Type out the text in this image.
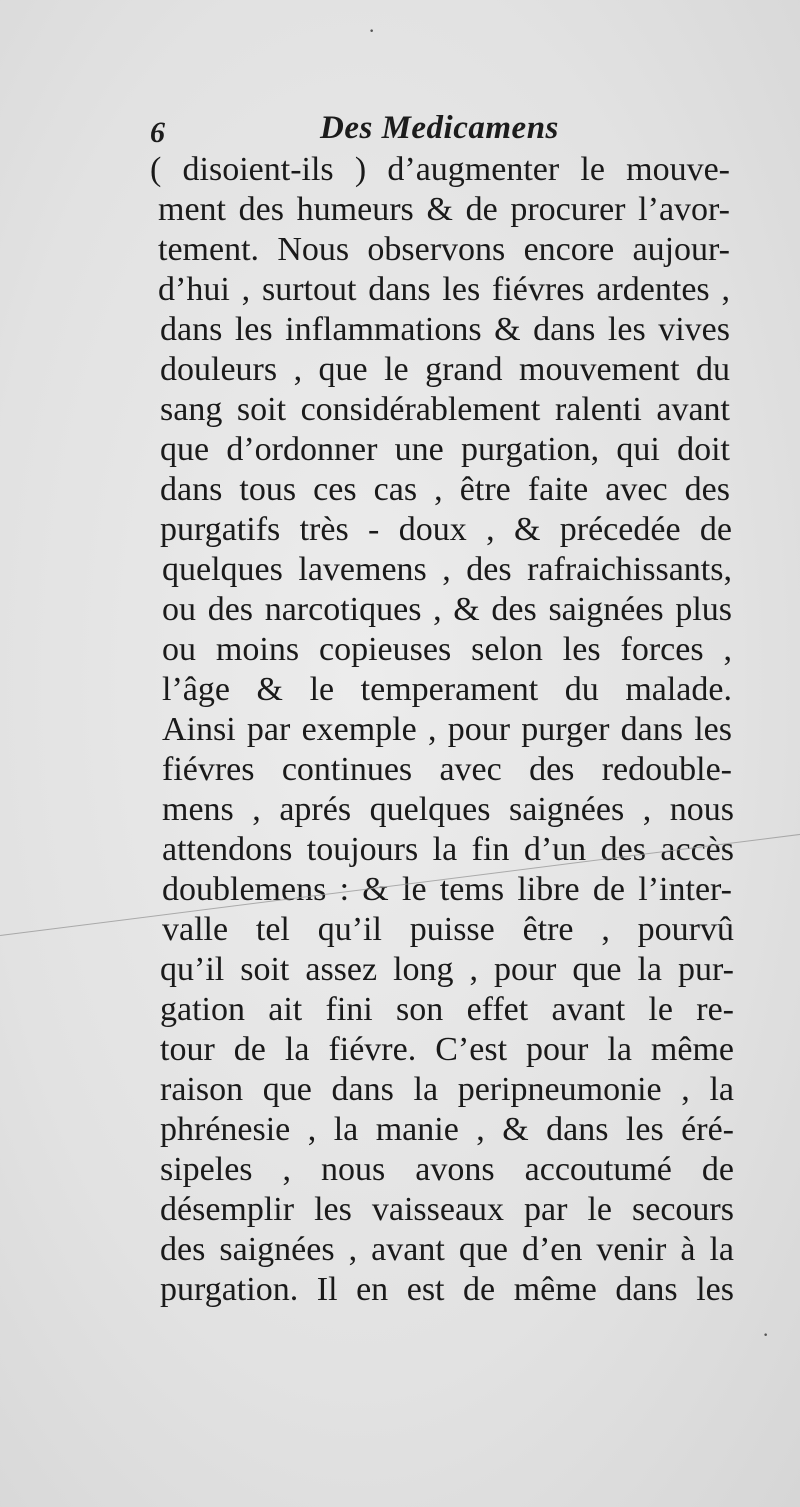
6	Des Medicamens
( disoient-ils ) d’augmenter le mouve-
ment des humeurs & de procurer l’avor-
tement. Nous observons encore aujour-
d’hui , surtout dans les fiévres ardentes ,
dans les inflammations & dans les vives
douleurs , que le grand mouvement du
sang soit considérablement ralenti avant
que d’ordonner une purgation, qui doit
dans tous ces cas , être faite avec des
purgatifs très - doux , & précedée de
quelques lavemens , des rafraichissants,
ou des narcotiques , & des saignées plus
ou moins copieuses selon les forces ,
l’âge & le temperament du malade.
Ainsi par exemple , pour purger dans les
fiévres continues avec des redouble-
mens , aprés quelques saignées , nous
attendons toujours la fin d’un des accès
doublemens : & le tems libre de l’inter-
valle tel qu’il puisse être , pourvû
qu’il soit assez long , pour que la pur-
gation ait fini son effet avant le re-
tour de la fiévre. C’est pour la même
raison que dans la peripneumonie , la
phrénesie , la manie , & dans les éré-
sipeles , nous avons accoutumé de
désemplir les vaisseaux par le secours
des saignées , avant que d’en venir à la
purgation. Il en est de même dans les
·
·
